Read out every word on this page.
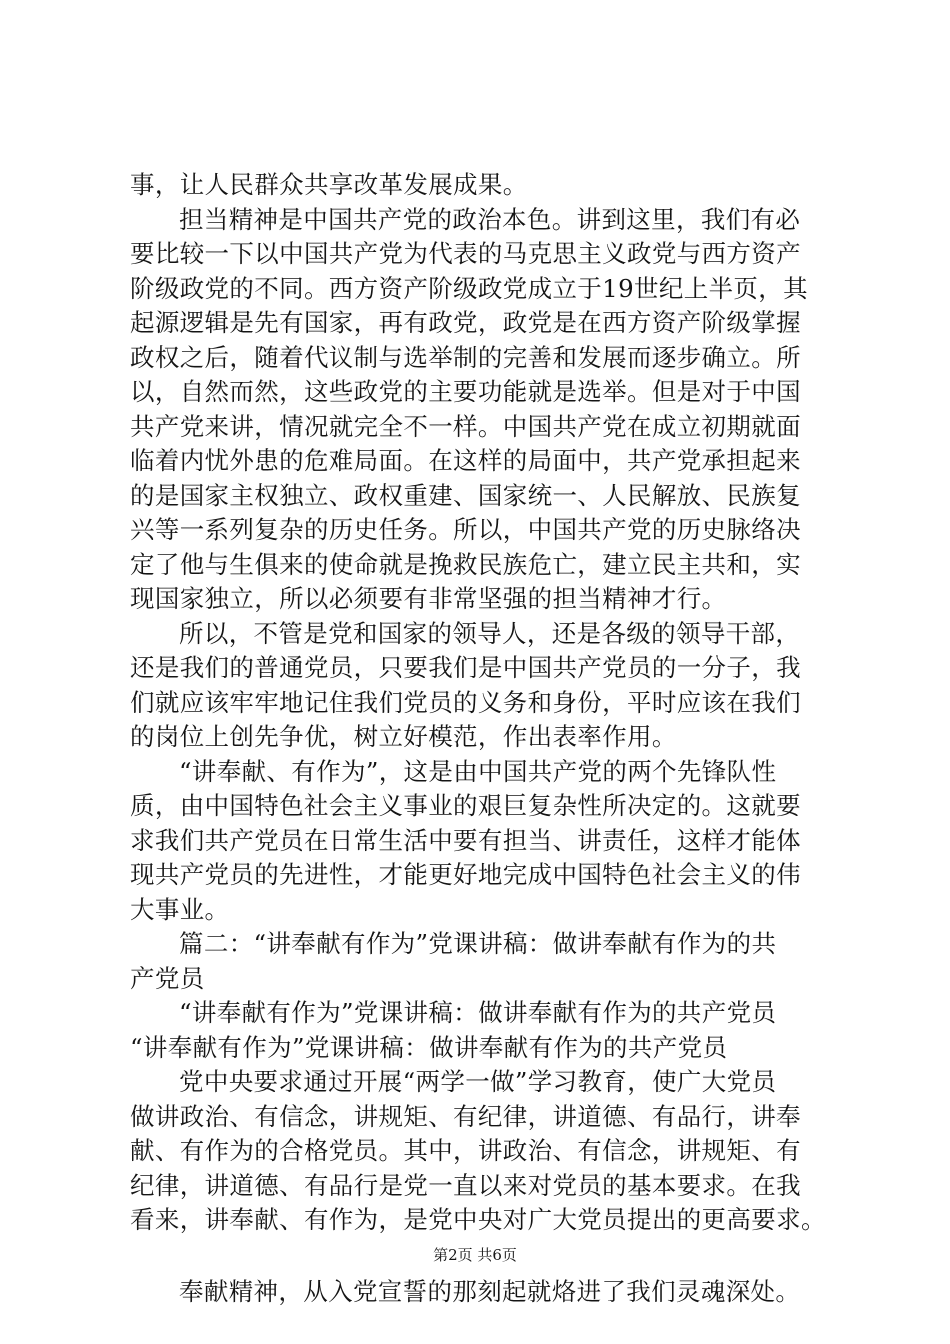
事，让人民群众共享改革发展成果。
担当精神是中国共产党的政治本色。讲到这里，我们有必
要比较一下以中国共产党为代表的马克思主义政党与西方资产
阶级政党的不同。西方资产阶级政党成立于19世纪上半页，其
起源逻辑是先有国家，再有政党，政党是在西方资产阶级掌握
政权之后，随着代议制与选举制的完善和发展而逐步确立。所
以，自然而然，这些政党的主要功能就是选举。但是对于中国
共产党来讲，情况就完全不一样。中国共产党在成立初期就面
临着内忧外患的危难局面。在这样的局面中，共产党承担起来
的是国家主权独立、政权重建、国家统一、人民解放、民族复
兴等一系列复杂的历史任务。所以，中国共产党的历史脉络决
定了他与生俱来的使命就是挽救民族危亡，建立民主共和，实
现国家独立，所以必须要有非常坚强的担当精神才行。
所以，不管是党和国家的领导人，还是各级的领导干部，
还是我们的普通党员，只要我们是中国共产党员的一分子，我
们就应该牢牢地记住我们党员的义务和身份，平时应该在我们
的岗位上创先争优，树立好模范，作出表率作用。
“讲奉献、有作为”，这是由中国共产党的两个先锋队性
质，由中国特色社会主义事业的艰巨复杂性所决定的。这就要
求我们共产党员在日常生活中要有担当、讲责任，这样才能体
现共产党员的先进性，才能更好地完成中国特色社会主义的伟
大事业。
篇二：“讲奉献有作为”党课讲稿：做讲奉献有作为的共
产党员
“讲奉献有作为”党课讲稿：做讲奉献有作为的共产党员
“讲奉献有作为”党课讲稿：做讲奉献有作为的共产党员
党中央要求通过开展“两学一做”学习教育，使广大党员
做讲政治、有信念，讲规矩、有纪律，讲道德、有品行，讲奉
献、有作为的合格党员。其中，讲政治、有信念，讲规矩、有
纪律，讲道德、有品行是党一直以来对党员的基本要求。在我
看来，讲奉献、有作为，是党中央对广大党员提出的更高要求。
奉献精神，从入党宣誓的那刻起就烙进了我们灵魂深处。
第2页 共6页
